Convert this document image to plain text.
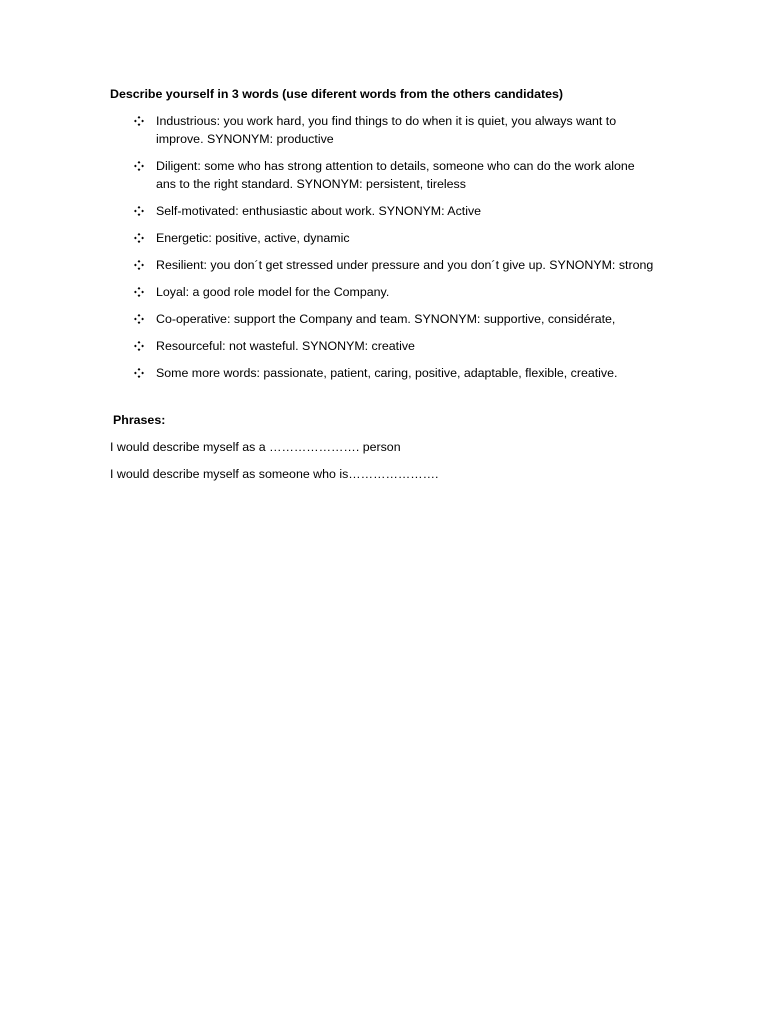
Describe yourself in 3 words (use diferent words from the others candidates)

Industrious: you work hard, you find things to do when it is quiet, you always want to improve. SYNONYM: productive
Diligent: some who has strong attention to details, someone who can do the work alone ans to the right standard. SYNONYM: persistent, tireless
Self-motivated: enthusiastic about work. SYNONYM: Active
Energetic: positive, active, dynamic
Resilient: you don´t get stressed under pressure and you don´t give up. SYNONYM: strong
Loyal: a good role model for the Company.
Co-operative: support the Company and team. SYNONYM: supportive, considérate,
Resourceful: not wasteful. SYNONYM: creative
Some more words: passionate, patient, caring, positive, adaptable, flexible, creative.

Phrases:

I would describe myself as a …………………. person

I would describe myself as someone who is………………….
